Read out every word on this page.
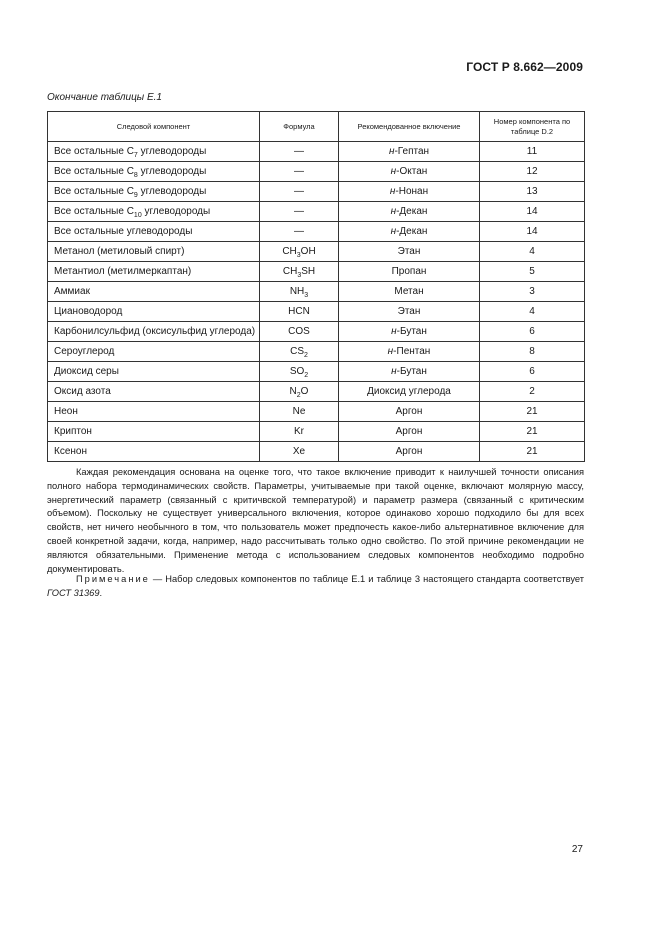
ГОСТ Р 8.662—2009
Окончание таблицы Е.1
Следовой компонент	Формула	Рекомендованное включение	Номер компонента по таблице D.2
Все остальные $С_7$ углеводороды	—	н-Гептан	11
Все остальные $С_8$ углеводороды	—	н-Октан	12
Все остальные $С_9$ углеводороды	—	н-Нонан	13
Все остальные $С_{10}$ углеводороды	—	н-Декан	14
Все остальные углеводороды	—	н-Декан	14
Метанол (метиловый спирт)	$CH_3OH$	Этан	4
Метантиол (метилмеркаптан)	$CH_3SH$	Пропан	5
Аммиак	$NH_3$	Метан	3
Циановодород	HCN	Этан	4
Карбонилсульфид (оксисульфид углерода)	COS	н-Бутан	6
Сероуглерод	$CS_2$	н-Пентан	8
Диоксид серы	$SO_2$	н-Бутан	6
Оксид азота	$N_2O$	Диоксид углерода	2
Неон	Ne	Аргон	21
Криптон	Kr	Аргон	21
Ксенон	Xe	Аргон	21

Каждая рекомендация основана на оценке того, что такое включение приводит к наилучшей точности описания полного набора термодинамических свойств. Параметры, учитываемые при такой оценке, включают молярную массу, энергетический параметр (связанный с критичвской температурой) и параметр размера (связанный с критическим объемом). Поскольку не существует универсального включения, которое одинаково хорошо подходило бы для всех свойств, нет ничего необычного в том, что пользователь может предпочесть какое-либо альтернативное включение для своей конкретной задачи, когда, например, надо рассчитывать только одно свойство. По этой причине рекомендации не являются обязательными. Применение метода с использованием следовых компонентов необходимо подробно документировать.

Примечание — Набор следовых компонентов по таблице Е.1 и таблице 3 настоящего стандарта соответствует ГОСТ 31369.

27
